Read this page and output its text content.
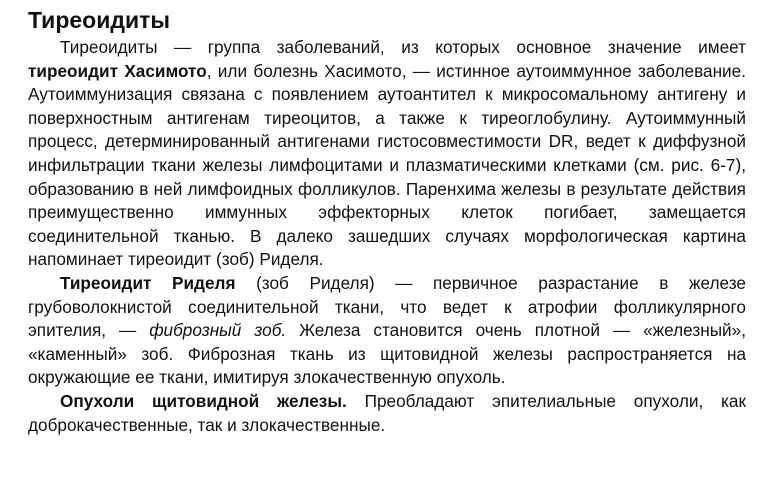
Тиреоидиты

Тиреоидиты — группа заболеваний, из которых основное значение имеет тиреоидит Хасимото, или болезнь Хасимото, — истинное аутоиммунное заболевание. Аутоиммунизация связана с появлением аутоантител к микросомальному антигену и поверхностным антигенам тиреоцитов, а также к тиреоглобулину. Аутоиммунный процесс, детерминированный антигенами гистосовместимости DR, ведет к диффузной инфильтрации ткани железы лимфоцитами и плазматическими клетками (см. рис. 6-7), образованию в ней лимфоидных фолликулов. Паренхима железы в результате действия преимущественно иммунных эффекторных клеток погибает, замещается соединительной тканью. В далеко зашедших случаях морфологическая картина напоминает тиреоидит (зоб) Риделя.

Тиреоидит Риделя (зоб Риделя) — первичное разрастание в железе грубоволокнистой соединительной ткани, что ведет к атрофии фолликулярного эпителия, — фиброзный зоб. Железа становится очень плотной — «железный», «каменный» зоб. Фиброзная ткань из щитовидной железы распространяется на окружающие ее ткани, имитируя злокачественную опухоль.

Опухоли щитовидной железы. Преобладают эпителиальные опухоли, как доброкачественные, так и злокачественные.
